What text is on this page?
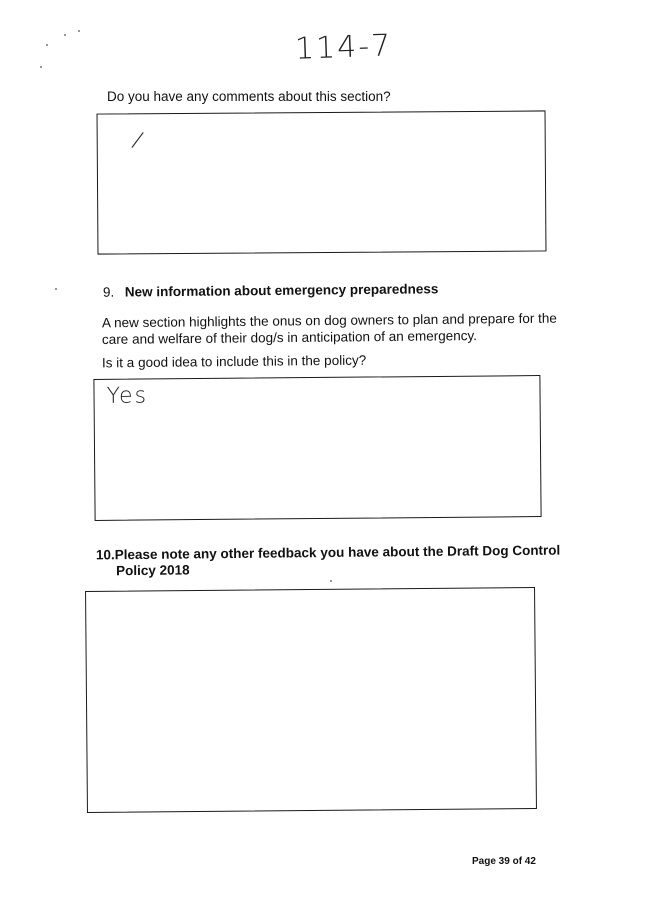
114-7

Do you have any comments about this section?

/
9. New information about emergency preparedness

A new section highlights the onus on dog owners to plan and prepare for the

care and welfare of their dog/s in anticipation of an emergency.

Is it a good idea to include this in the policy?

Yes
10.Please note any other feedback you have about the Draft Dog Control
Policy 2018
Page 39 of 42
